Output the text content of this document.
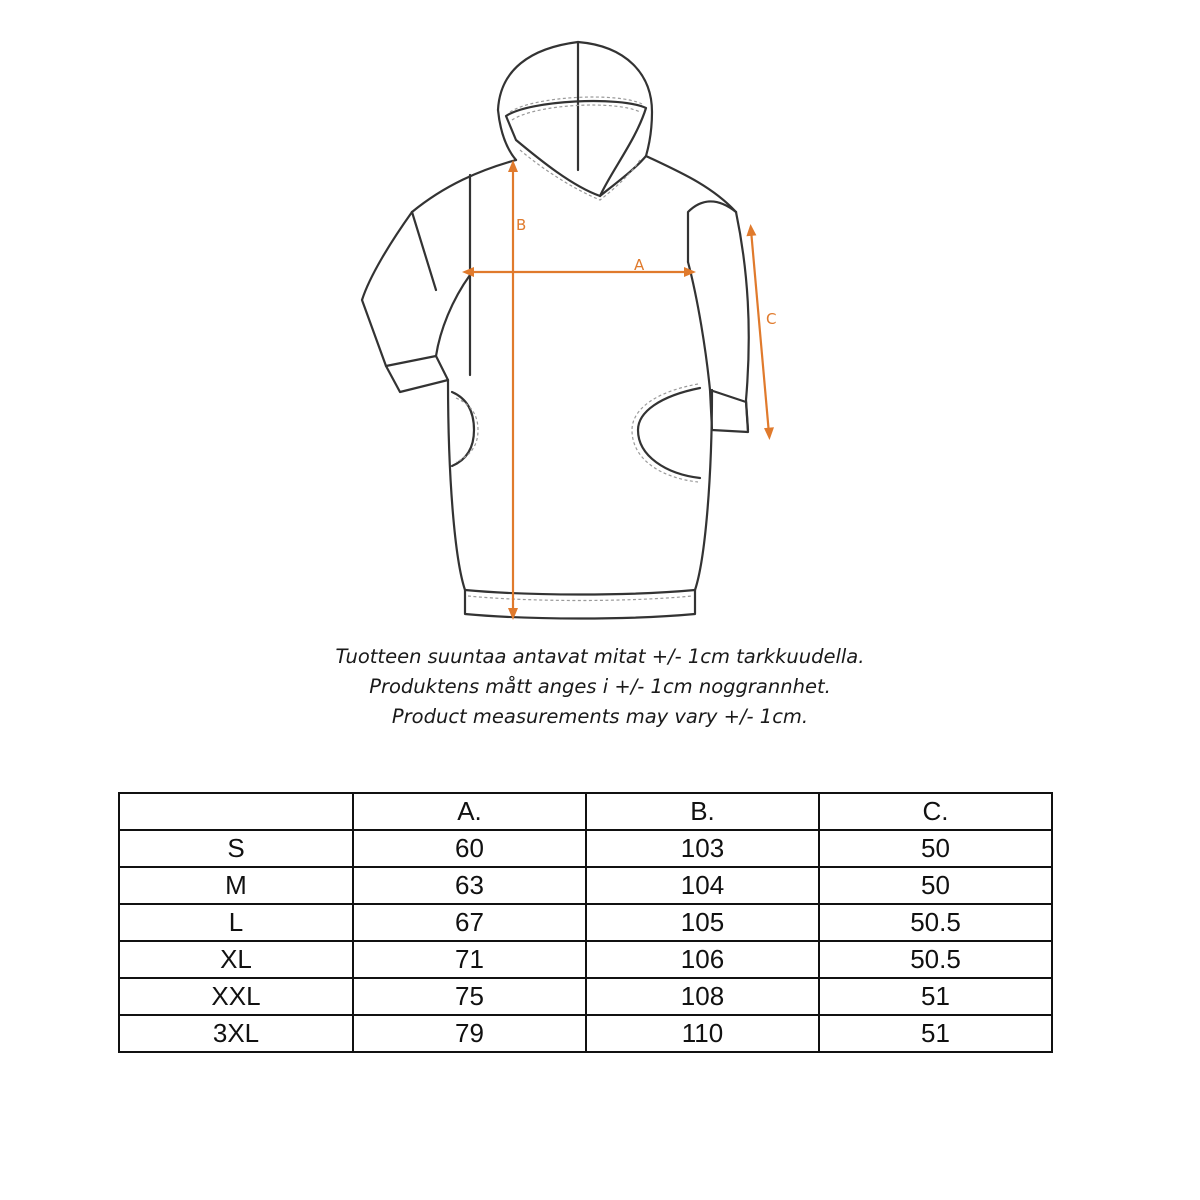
B
A
C
Tuotteen suuntaa antavat mitat +/- 1cm tarkkuudella.
Produktens mått anges i +/- 1cm noggrannhet.
Product measurements may vary +/- 1cm.
	A.	B.	C.
S	60	103	50
M	63	104	50
L	67	105	50.5
XL	71	106	50.5
XXL	75	108	51
3XL	79	110	51
